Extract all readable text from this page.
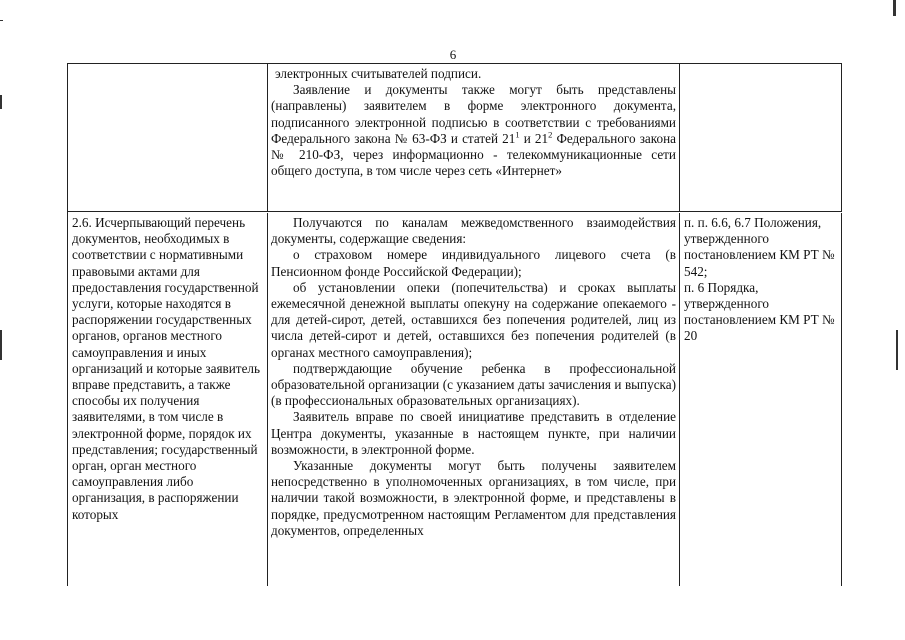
6

электронных считывателей подписи.

Заявление и документы также могут быть представлены (направлены) заявителем в форме электронного документа, подписанного электронной подписью в соответствии с требованиями Федерального закона № 63-ФЗ и статей $21^1$ и $21^2$ Федерального закона № 210-ФЗ, через информационно - телекоммуникационные сети общего доступа, в том числе через сеть «Интернет»

2.6. Исчерпывающий перечень документов, необходимых в соответствии с нормативными правовыми актами для предоставления государственной услуги, которые находятся в распоряжении государственных органов, органов местного самоуправления и иных организаций и которые заявитель вправе представить, а также способы их получения заявителями, в том числе в электронной форме, порядок их представления; государственный орган, орган местного самоуправления либо организация, в распоряжении которых

Получаются по каналам межведомственного взаимодействия документы, содержащие сведения:

о страховом номере индивидуального лицевого счета (в Пенсионном фонде Российской Федерации);

об установлении опеки (попечительства) и сроках выплаты ежемесячной денежной выплаты опекуну на содержание опекаемого - для детей-сирот, детей, оставшихся без попечения родителей, лиц из числа детей-сирот и детей, оставшихся без попечения родителей (в органах местного самоуправления);

подтверждающие обучение ребенка в профессиональной образовательной организации (с указанием даты зачисления и выпуска) (в профессиональных образовательных организациях).

Заявитель вправе по своей инициативе представить в отделение Центра документы, указанные в настоящем пункте, при наличии возможности, в электронной форме.

Указанные документы могут быть получены заявителем непосредственно в уполномоченных организациях, в том числе, при наличии такой возможности, в электронной форме, и представлены в порядке, предусмотренном настоящим Регламентом для представления документов, определенных

п. п. 6.6, 6.7 Положения, утвержденного постановлением КМ РТ № 542;

п. 6 Порядка, утвержденного постановлением КМ РТ № 20
